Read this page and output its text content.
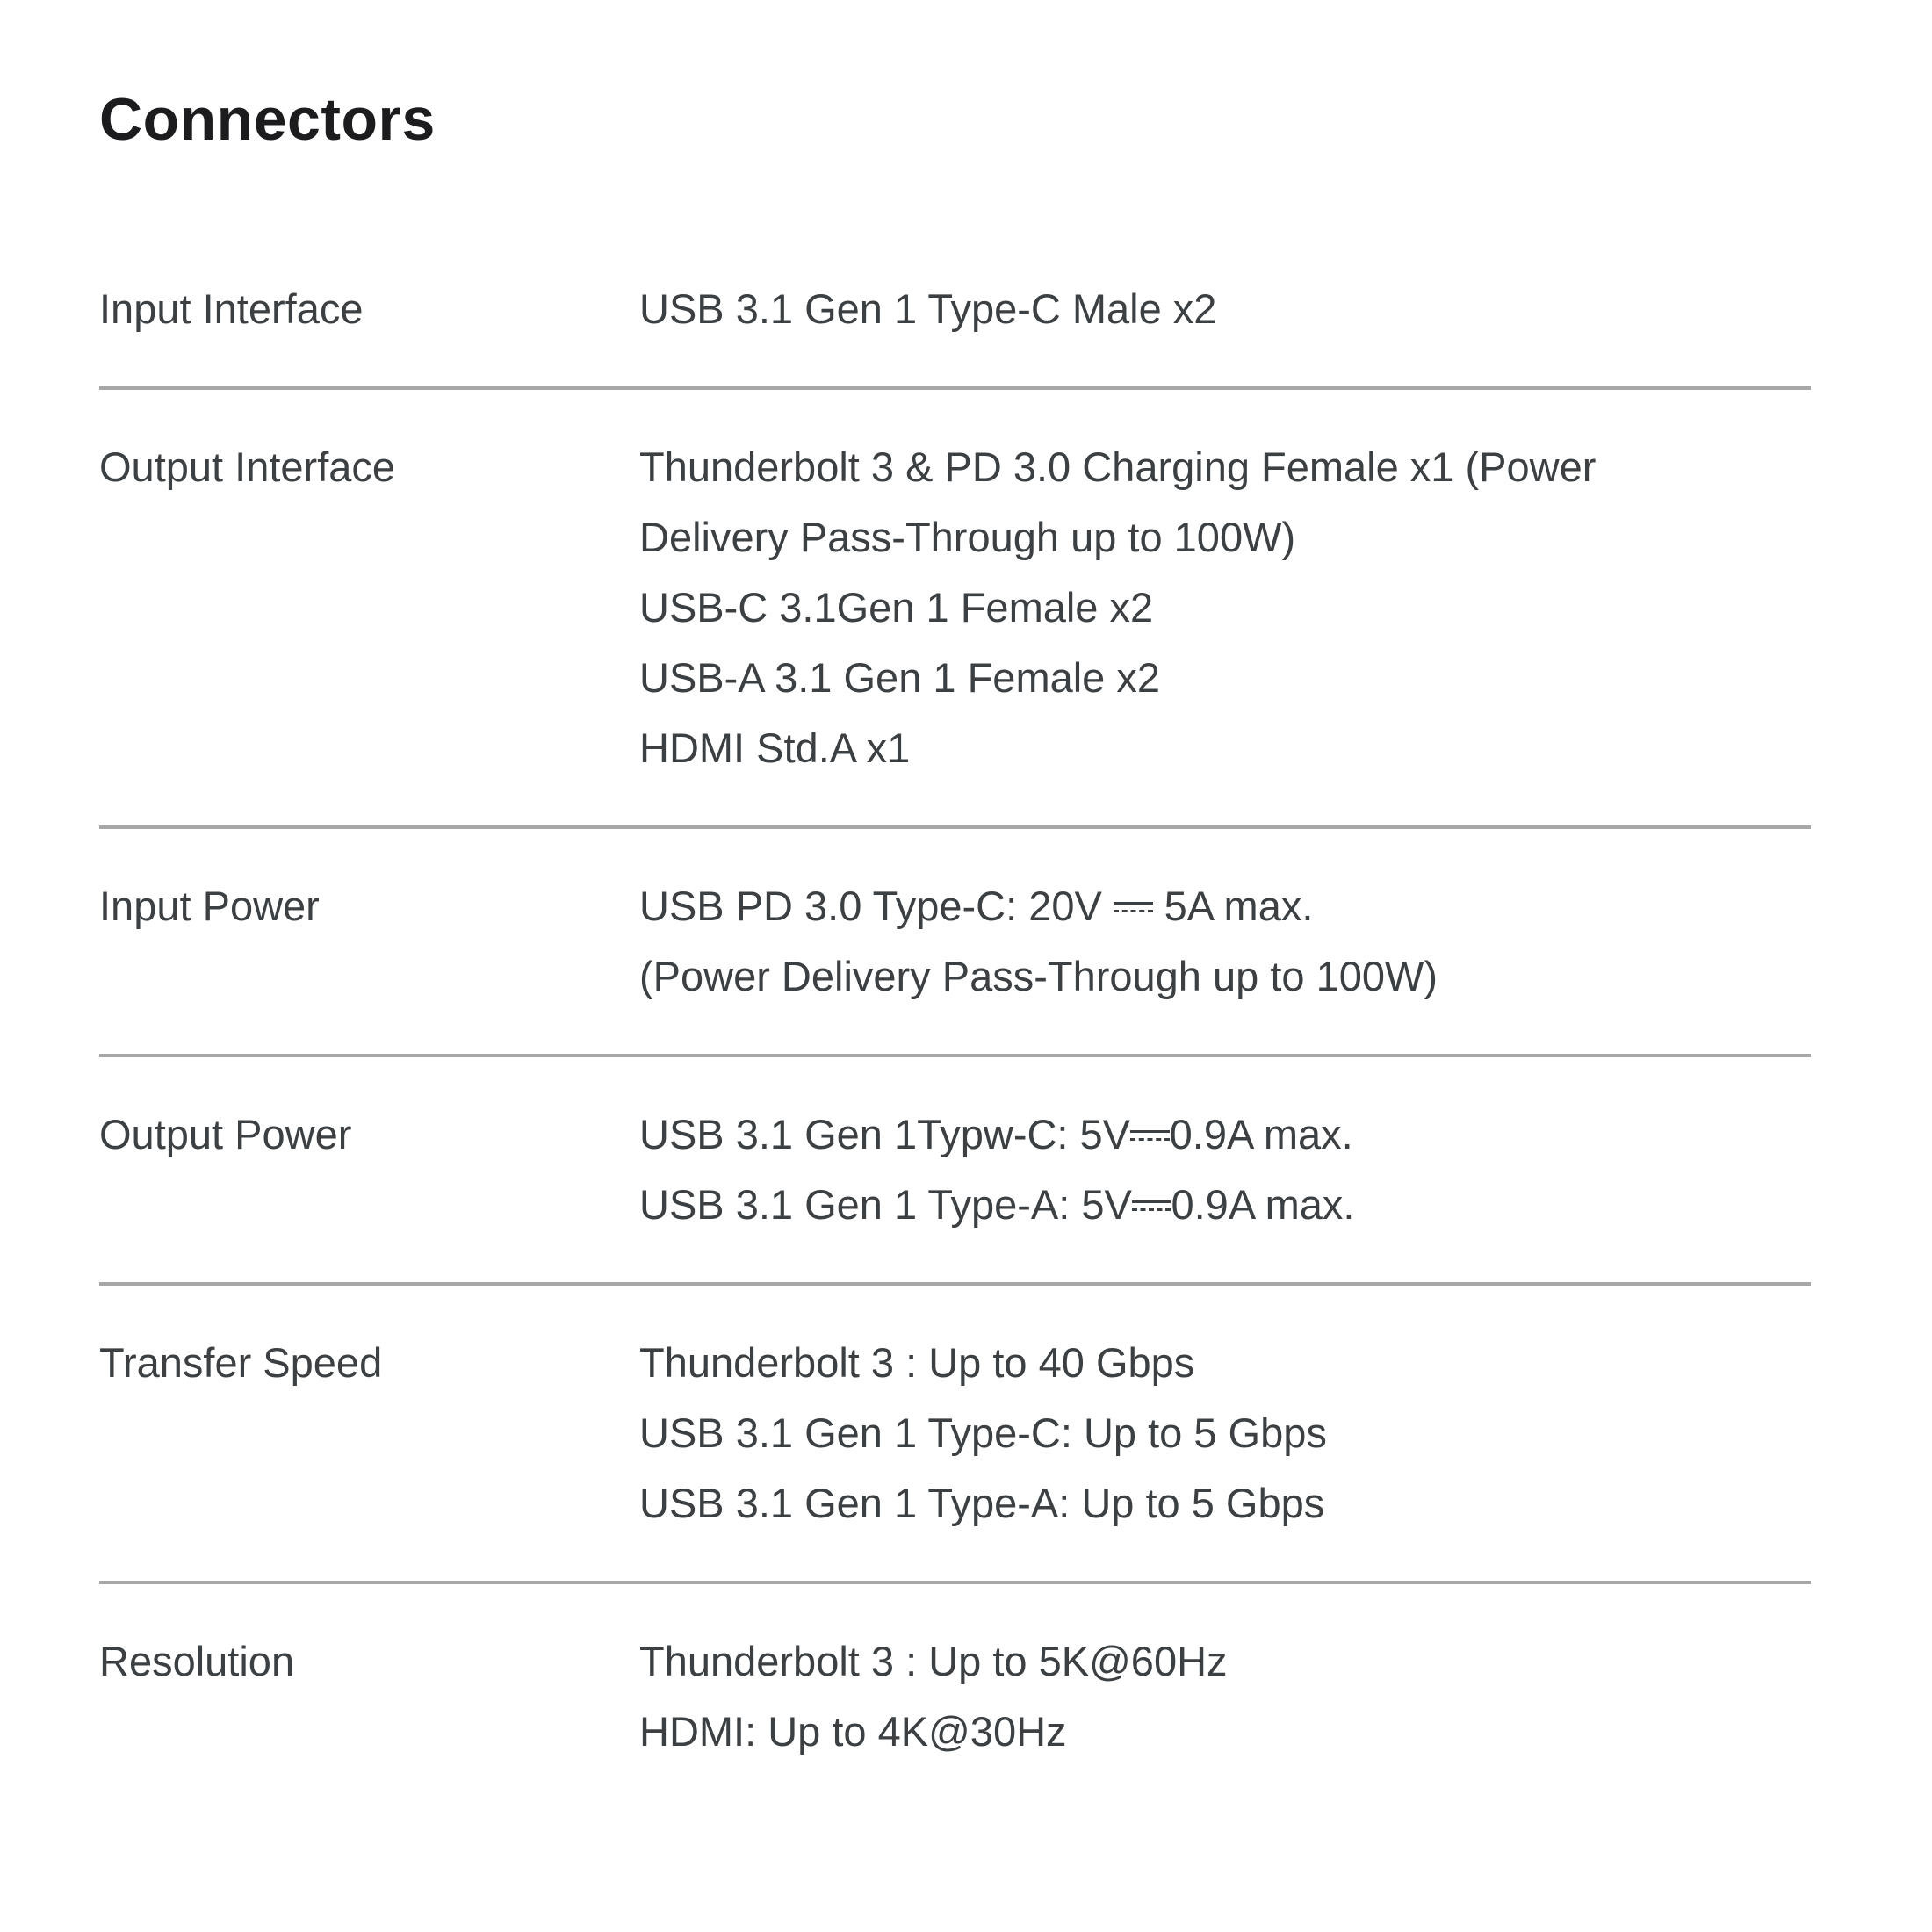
Connectors
Input Interface	USB 3.1 Gen 1 Type-C Male x2
Output Interface	Thunderbolt 3 & PD 3.0 Charging Female x1 (Power
Delivery Pass-Through up to 100W)
USB-C 3.1Gen 1 Female x2
USB-A 3.1 Gen 1 Female x2
HDMI Std.A x1
Input Power	USB PD 3.0 Type-C: 20V
5A max.
(Power Delivery Pass-Through up to 100W)
Output Power	USB 3.1 Gen 1Typw-C: 5V 0.9A max.
USB 3.1 Gen 1 Type-A: 5V 0.9A max.
Transfer Speed	Thunderbolt 3 : Up to 40 Gbps
USB 3.1 Gen 1 Type-C: Up to 5 Gbps
USB 3.1 Gen 1 Type-A: Up to 5 Gbps
Resolution	Thunderbolt 3 : Up to 5K@60Hz
HDMI: Up to 4K@30Hz
